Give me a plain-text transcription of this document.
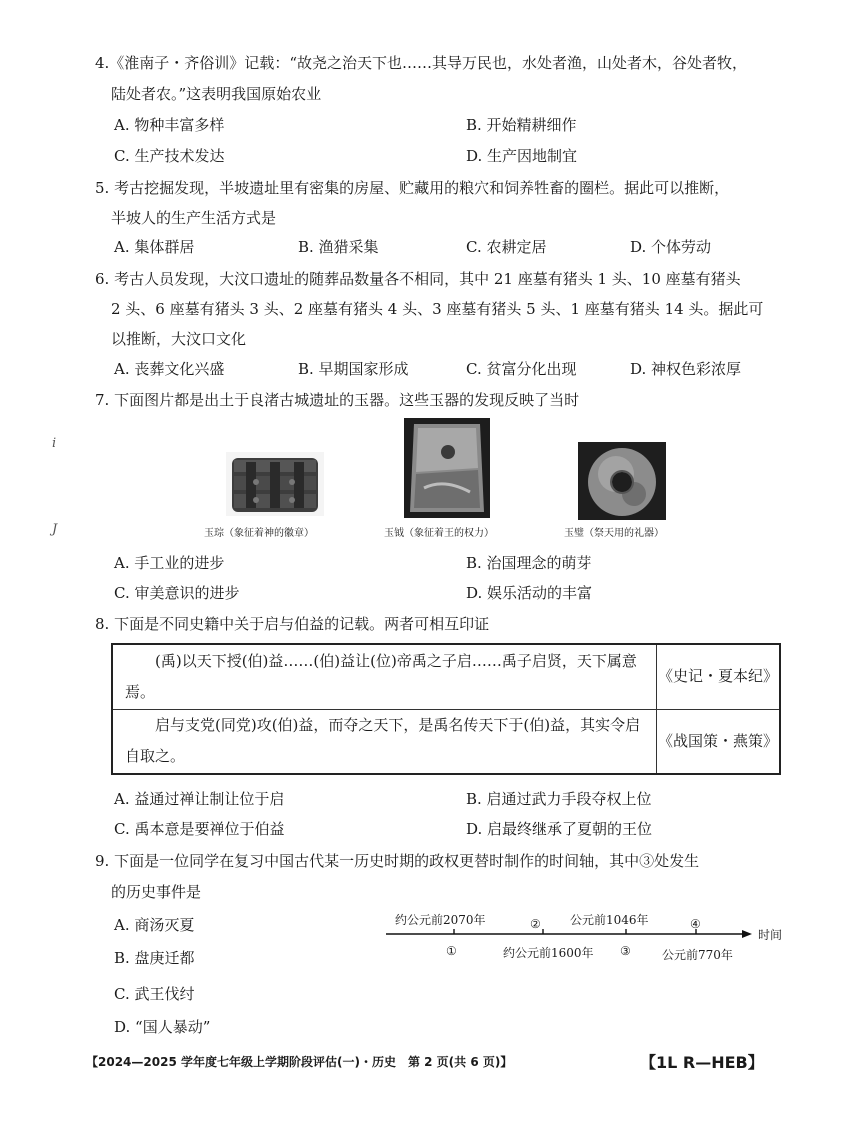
i
J
4.《淮南子・齐俗训》记载：“故尧之治天下也……其导万民也，水处者渔，山处者木，谷处者牧，
陆处者农。”这表明我国原始农业
A. 物种丰富多样	B. 开始精耕细作
C. 生产技术发达	D. 生产因地制宜
5. 考古挖掘发现，半坡遗址里有密集的房屋、贮藏用的粮穴和饲养牲畜的圈栏。据此可以推断，
半坡人的生产生活方式是
A. 集体群居	B. 渔猎采集	C. 农耕定居	D. 个体劳动
6. 考古人员发现，大汶口遗址的随葬品数量各不相同，其中 21 座墓有猪头 1 头、10 座墓有猪头
2 头、6 座墓有猪头 3 头、2 座墓有猪头 4 头、3 座墓有猪头 5 头、1 座墓有猪头 14 头。据此可
以推断，大汶口文化
A. 丧葬文化兴盛	B. 早期国家形成	C. 贫富分化出现	D. 神权色彩浓厚
7. 下面图片都是出土于良渚古城遗址的玉器。这些玉器的发现反映了当时
玉琮（象征着神的徽章）	玉钺（象征着王的权力）	玉璧（祭天用的礼器）
A. 手工业的进步	B. 治国理念的萌芽
C. 审美意识的进步	D. 娱乐活动的丰富
8. 下面是不同史籍中关于启与伯益的记载。两者可相互印证
　　(禹)以天下授(伯)益……(伯)益让(位)帝禹之子启……禹子启贤，天下属意焉。	《史记・夏本纪》
　　启与支党(同党)攻(伯)益，而夺之天下，是禹名传天下于(伯)益，其实令启自取之。	《战国策・燕策》
A. 益通过禅让制让位于启	B. 启通过武力手段夺权上位
C. 禹本意是要禅位于伯益	D. 启最终继承了夏朝的王位
9. 下面是一位同学在复习中国古代某一历史时期的政权更替时制作的时间轴，其中③处发生
的历史事件是
A. 商汤灭夏
B. 盘庚迁都
C. 武王伐纣
D. “国人暴动”
约公元前2070年	② 公元前1046年	④
①	约公元前1600年 ③	公元前770年
时间
【2024—2025 学年度七年级上学期阶段评估(一)・历史　第 2 页(共 6 页)】	【1L R—HEB】
